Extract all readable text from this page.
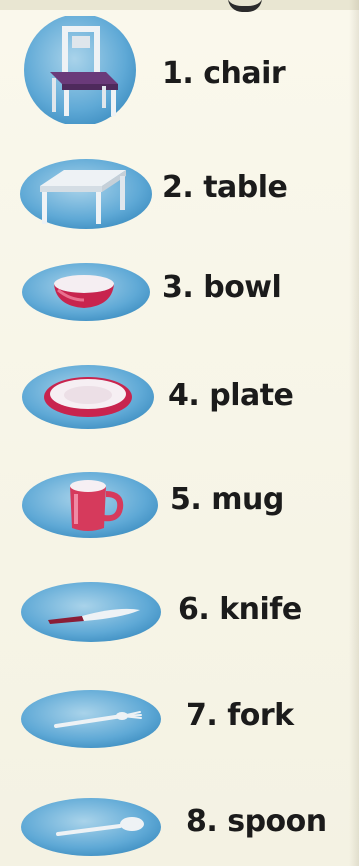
1. chair
2. table
3. bowl
4. plate
5. mug
6. knife
7. fork
8. spoon
